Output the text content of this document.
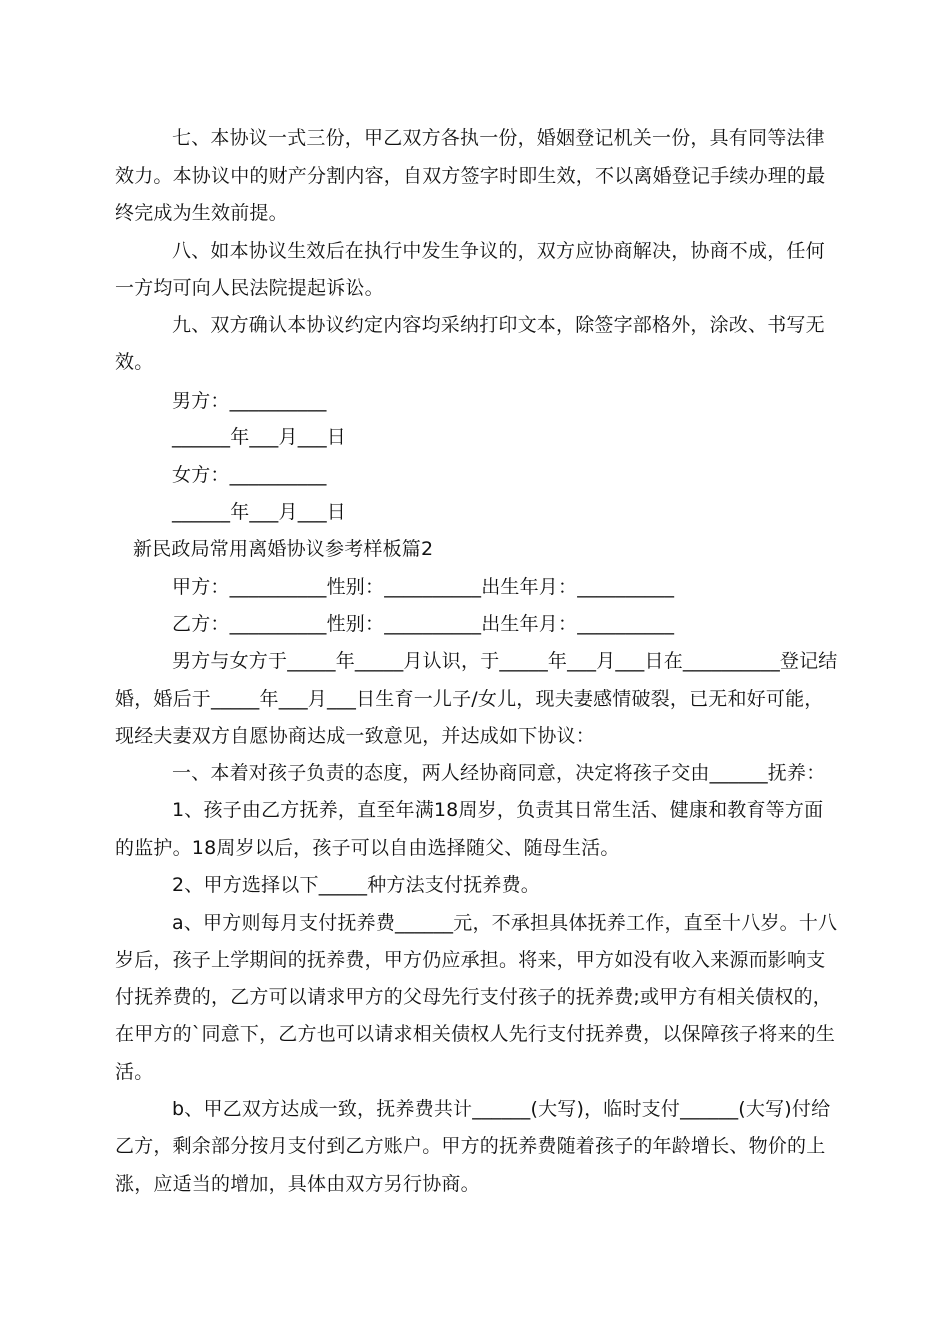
七、本协议一式三份，甲乙双方各执一份，婚姻登记机关一份，具有同等法律
效力。本协议中的财产分割内容，自双方签字时即生效，不以离婚登记手续办理的最
终完成为生效前提。
八、如本协议生效后在执行中发生争议的，双方应协商解决，协商不成，任何
一方均可向人民法院提起诉讼。
九、双方确认本协议约定内容均采纳打印文本，除签字部格外，涂改、书写无
效。
男方：__________
______年___月___日
女方：__________
______年___月___日
新民政局常用离婚协议参考样板篇2
甲方：__________性别：__________出生年月：__________
乙方：__________性别：__________出生年月：__________
男方与女方于_____年_____月认识，于_____年___月___日在__________登记结
婚，婚后于_____年___月___日生育一儿子/女儿，现夫妻感情破裂，已无和好可能，
现经夫妻双方自愿协商达成一致意见，并达成如下协议：
一、本着对孩子负责的态度，两人经协商同意，决定将孩子交由______抚养：
1、孩子由乙方抚养，直至年满18周岁，负责其日常生活、健康和教育等方面
的监护。18周岁以后，孩子可以自由选择随父、随母生活。
2、甲方选择以下_____种方法支付抚养费。
a、甲方则每月支付抚养费______元，不承担具体抚养工作，直至十八岁。十八
岁后，孩子上学期间的抚养费，甲方仍应承担。将来，甲方如没有收入来源而影响支
付抚养费的，乙方可以请求甲方的父母先行支付孩子的抚养费;或甲方有相关债权的，
在甲方的`同意下，乙方也可以请求相关债权人先行支付抚养费，以保障孩子将来的生
活。
b、甲乙双方达成一致，抚养费共计______(大写)，临时支付______(大写)付给
乙方，剩余部分按月支付到乙方账户。甲方的抚养费随着孩子的年龄增长、物价的上
涨，应适当的增加，具体由双方另行协商。
